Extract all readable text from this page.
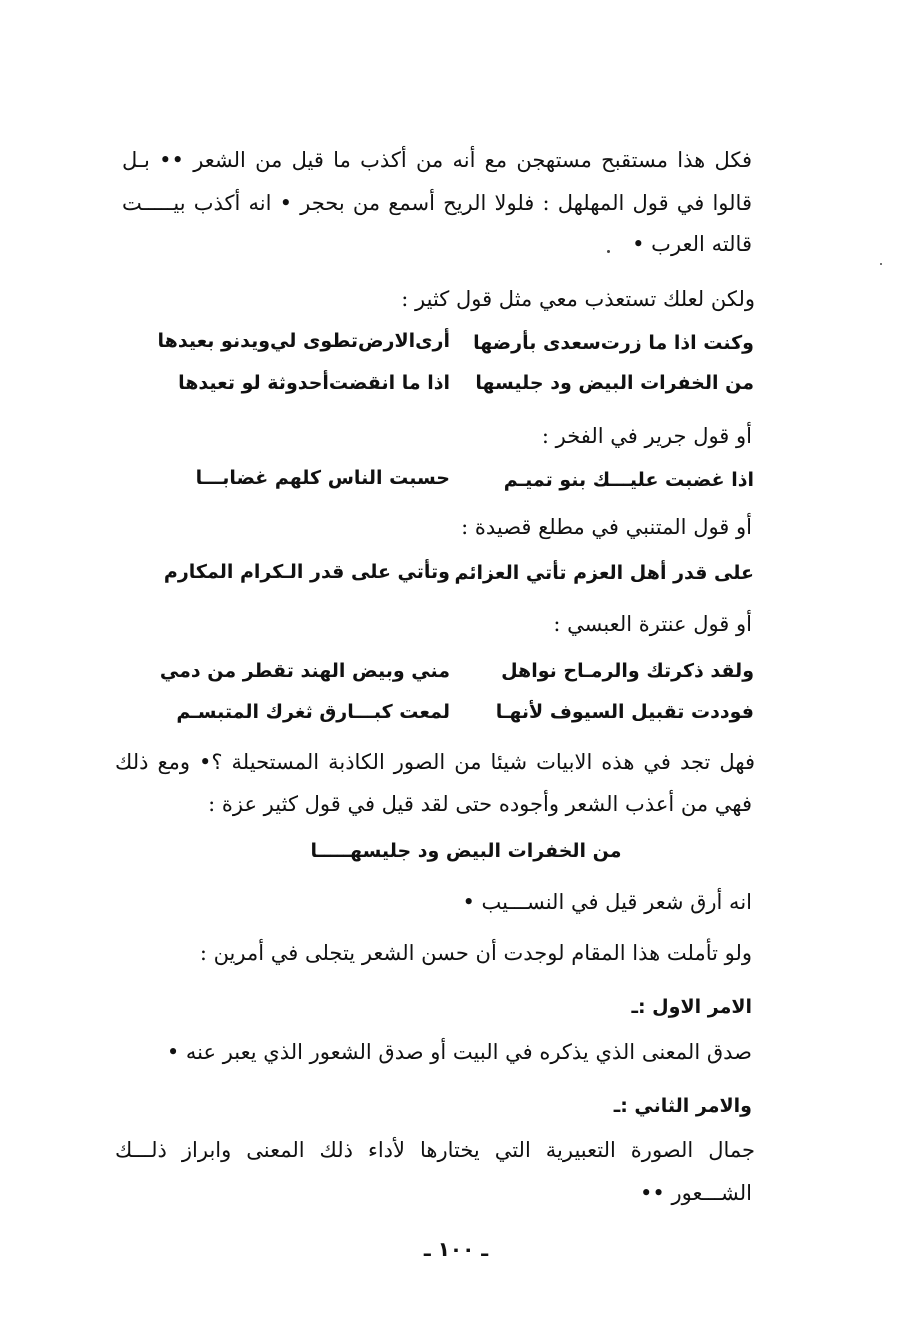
فكل هذا مستقبح مستهجن مع أنه من أكذب ما قيل من الشعر •• بـل
قالوا في قول المهلهل : فلولا الريح أسمع من بحجر • انه أكذب بيـــــت
قالته العرب •
ولكن لعلك تستعذب معي مثل قول كثير :
وكنت اذا ما زرت‌سعدى بأرضها
أرى‌الارض‌تطوى لي‌ويدنو بعيدها
من الخفرات البيض ود جليسها
اذا ما انقضت‌أحدوثة لو تعيدها
أو قول جرير في الفخر :
اذا غضبت عليـــك بنو تميـم
حسبت الناس كلهم غضابـــا
أو قول المتنبي في مطلع قصيدة :
على قدر أهل العزم تأتي العزائم
وتأتي على قدر الـكرام المكارم
أو قول عنترة العبسي :
ولقد ذكرتك والرمـاح نواهل
مني وبيض الهند تقطر من دمي
فوددت تقبيل السيوف لأنهـا
لمعت كبـــارق ثغرك المتبسـم
فهل تجد في هذه الابيات شيئا من الصور الكاذبة المستحيلة ؟• ومع ذلك
فهي من أعذب الشعر وأجوده حتى لقد قيل في قول كثير عزة :
من الخفرات البيض ود جليسهـــــا
انه أرق شعر قيل في النســـيب •
ولو تأملت هذا المقام لوجدت أن حسن الشعر يتجلى في أمرين :
الامر الاول :ـ
صدق المعنى الذي يذكره في البيت أو صدق الشعور الذي يعبر عنه •
والامر الثاني :ـ
جمال الصورة التعبيرية التي يختارها لأداء ذلك المعنى وابراز ذلـــك
الشـــعور ••
ـ ١٠٠ ـ
